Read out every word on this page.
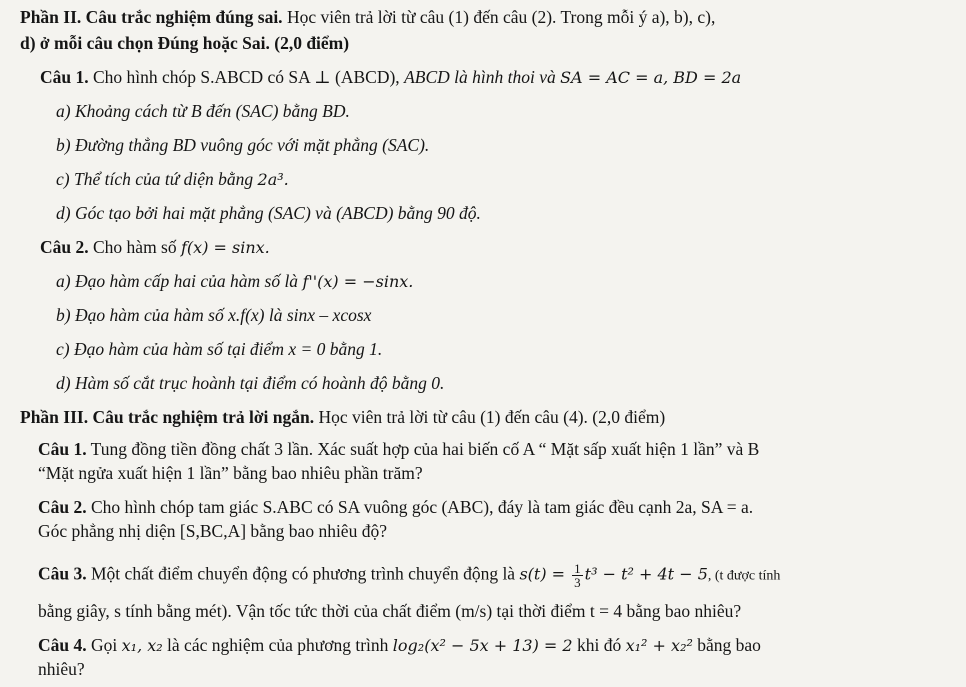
Phần II. Câu trắc nghiệm đúng sai. Học viên trả lời từ câu (1) đến câu (2). Trong mỗi ý a), b), c),
d) ở mỗi câu chọn Đúng hoặc Sai. (2,0 điểm)
Câu 1. Cho hình chóp S.ABCD có SA ⊥ (ABCD), ABCD là hình thoi và SA = AC = a, BD = 2a
a) Khoảng cách từ B đến (SAC) bằng BD.
b) Đường thẳng BD vuông góc với mặt phẳng (SAC).
c) Thể tích của tứ diện bằng 2a³.
d) Góc tạo bởi hai mặt phẳng (SAC) và (ABCD) bằng 90 độ.
Câu 2. Cho hàm số f(x) = sinx.
a) Đạo hàm cấp hai của hàm số là f''(x) = −sinx.
b) Đạo hàm của hàm số x.f(x) là sinx – xcosx
c) Đạo hàm của hàm số tại điểm x = 0 bằng 1.
d) Hàm số cắt trục hoành tại điểm có hoành độ bằng 0.
Phần III. Câu trắc nghiệm trả lời ngắn. Học viên trả lời từ câu (1) đến câu (4). (2,0 điểm)
Câu 1. Tung đồng tiền đồng chất 3 lần. Xác suất hợp của hai biến cố A “ Mặt sấp xuất hiện 1 lần” và B
“Mặt ngửa xuất hiện 1 lần” bằng bao nhiêu phần trăm?
Câu 2. Cho hình chóp tam giác S.ABC có SA vuông góc (ABC), đáy là tam giác đều cạnh 2a, SA = a.
Góc phẳng nhị diện [S,BC,A] bằng bao nhiêu độ?
Câu 3. Một chất điểm chuyển động có phương trình chuyển động là $s(t) = \frac{1}{3} t^3 - t^2 + 4t - 5$, (t được tính
bằng giây, s tính bằng mét). Vận tốc tức thời của chất điểm (m/s) tại thời điểm t = 4 bằng bao nhiêu?
Câu 4. Gọi x₁, x₂ là các nghiệm của phương trình log₂(x² − 5x + 13) = 2 khi đó x₁² + x₂² bằng bao
nhiêu?
